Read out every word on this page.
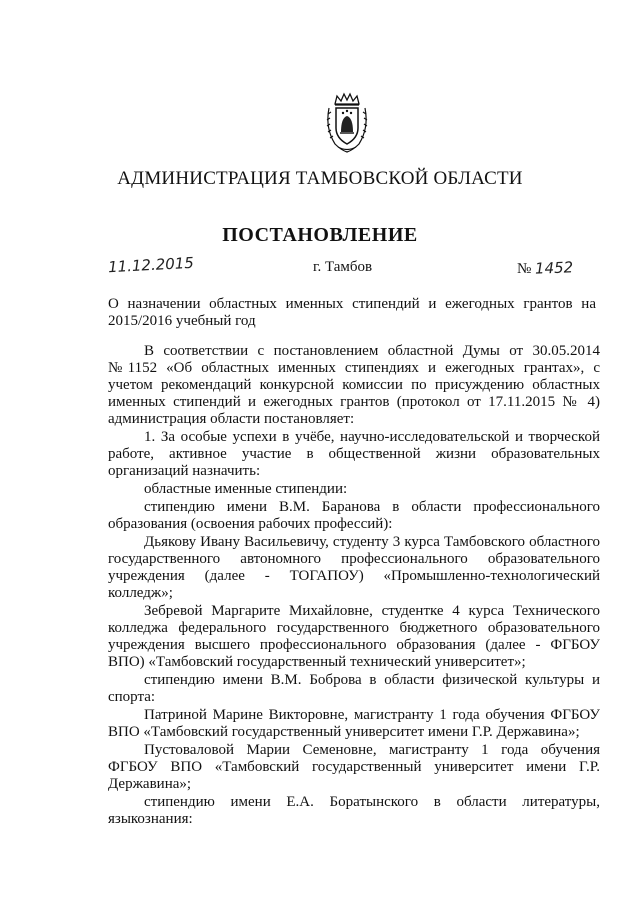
АДМИНИСТРАЦИЯ ТАМБОВСКОЙ ОБЛАСТИ
ПОСТАНОВЛЕНИЕ
11.12.2015	г. Тамбов	№ 1452
О назначении областных именных стипендий и ежегодных грантов на 2015/2016 учебный год

В соответствии с постановлением областной Думы от 30.05.2014 №1152 «Об областных именных стипендиях и ежегодных грантах», с учетом рекомендаций конкурсной комиссии по присуждению областных именных стипендий и ежегодных грантов (протокол от 17.11.2015 № 4) администрация области постановляет:

1. За особые успехи в учёбе, научно-исследовательской и творческой работе, активное участие в общественной жизни образовательных организаций назначить:

областные именные стипендии:

стипендию имени В.М. Баранова в области профессионального образования (освоения рабочих профессий):

Дьякову Ивану Васильевичу, студенту 3 курса Тамбовского областного государственного автономного профессионального образовательного учреждения (далее - ТОГАПОУ) «Промышленно-технологический колледж»;

Зебревой Маргарите Михайловне, студентке 4 курса Технического колледжа федерального государственного бюджетного образовательного учреждения высшего профессионального образования (далее - ФГБОУ ВПО) «Тамбовский государственный технический университет»;

стипендию имени В.М. Боброва в области физической культуры и спорта:

Патриной Марине Викторовне, магистранту 1 года обучения ФГБОУ ВПО «Тамбовский государственный университет имени Г.Р. Державина»;

Пустоваловой Марии Семеновне, магистранту 1 года обучения ФГБОУ ВПО «Тамбовский государственный университет имени Г.Р. Державина»;

стипендию имени Е.А. Боратынского в области литературы, языкознания:
